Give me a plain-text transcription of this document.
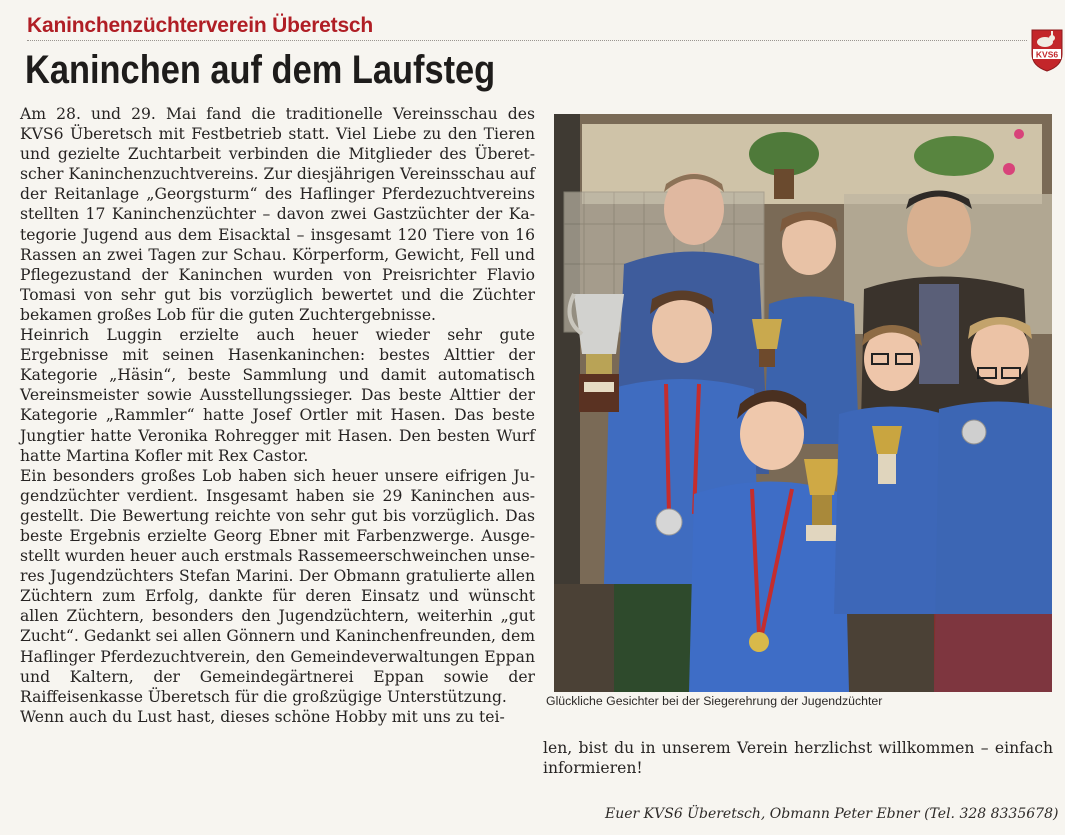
Kaninchenzüchterverein Überetsch
KVS6
Kaninchen auf dem Laufsteg

Am 28. und 29. Mai fand die traditionelle Vereinsschau des KVS6 Überetsch mit Festbetrieb statt. Viel Liebe zu den Tieren und gezielte Zuchtarbeit verbinden die Mitglieder des Überetscher Kaninchenzuchtvereins. Zur diesjährigen Vereinsschau auf der Reitanlage „Georgsturm“ des Haflinger Pferdezuchtvereins stellten 17 Kaninchenzüchter – davon zwei Gastzüchter der Kategorie Jugend aus dem Eisacktal – insgesamt 120 Tiere von 16 Rassen an zwei Tagen zur Schau. Körperform, Gewicht, Fell und Pflegezustand der Kaninchen wurden von Preisrichter Flavio Tomasi von sehr gut bis vorzüglich bewertet und die Züchter bekamen großes Lob für die guten Zuchtergebnisse.

Heinrich Luggin erzielte auch heuer wieder sehr gute Ergebnisse mit seinen Hasenkaninchen: bestes Alttier der Kategorie „Häsin“, beste Sammlung und damit automatisch Vereinsmeister sowie Ausstellungssieger. Das beste Alttier der Kategorie „Rammler“ hatte Josef Ortler mit Hasen. Das beste Jungtier hatte Veronika Rohregger mit Hasen. Den besten Wurf hatte Martina Kofler mit Rex Castor.

Ein besonders großes Lob haben sich heuer unsere eifrigen Jugendzüchter verdient. Insgesamt haben sie 29 Kaninchen ausgestellt. Die Bewertung reichte von sehr gut bis vorzüglich. Das beste Ergebnis erzielte Georg Ebner mit Farbenzwerge. Ausgestellt wurden heuer auch erstmals Rassemeerschweinchen unseres Jugendzüchters Stefan Marini. Der Obmann gratulierte allen Züchtern zum Erfolg, dankte für deren Einsatz und wünscht allen Züchtern, besonders den Jugendzüchtern, weiterhin „gut Zucht“. Gedankt sei allen Gönnern und Kaninchenfreunden, dem Haflinger Pferdezuchtverein, den Gemeindeverwaltungen Eppan und Kaltern, der Gemeindegärtnerei Eppan sowie der Raiffeisenkasse Überetsch für die großzügige Unterstützung.

Wenn auch du Lust hast, dieses schöne Hobby mit uns zu tei-

Glückliche Gesichter bei der Siegerehrung der Jugendzüchter
len, bist du in unserem Verein herzlichst willkommen – einfach informieren!
Euer KVS6 Überetsch, Obmann Peter Ebner (Tel. 328 8335678)
